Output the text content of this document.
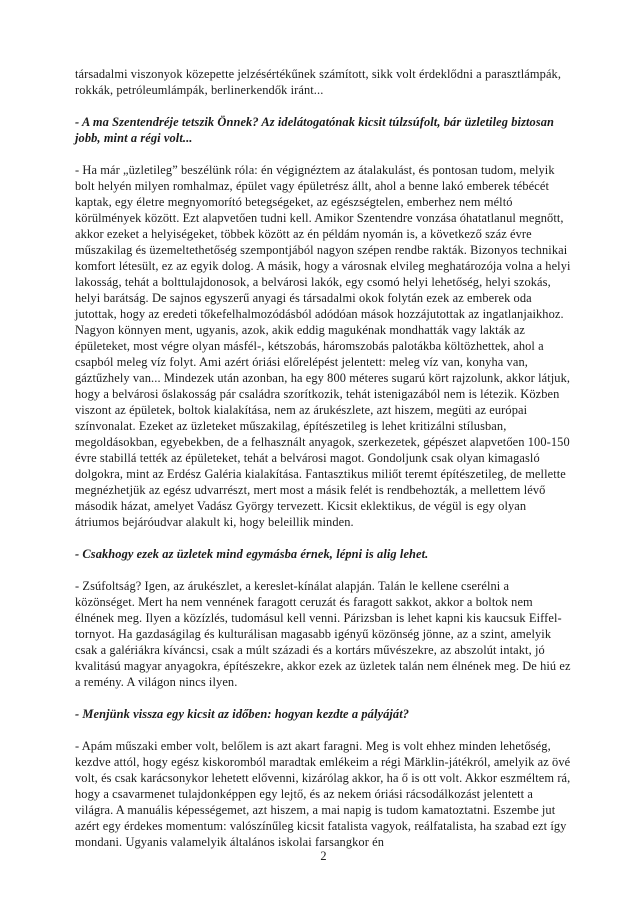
társadalmi viszonyok közepette jelzésértékűnek számított, sikk volt érdeklődni a parasztlámpák, rokkák, petróleumlámpák, berlinerkendők iránt...

- A ma Szentendréje tetszik Önnek? Az idelátogatónak kicsit túlzsúfolt, bár üzletileg biztosan jobb, mint a régi volt...

- Ha már „üzletileg” beszélünk róla: én végignéztem az átalakulást, és pontosan tudom, melyik bolt helyén milyen romhalmaz, épület vagy épületrész állt, ahol a benne lakó emberek tébécét kaptak, egy életre megnyomorító betegségeket, az egészségtelen, emberhez nem méltó körülmények között. Ezt alapvetően tudni kell. Amikor Szentendre vonzása óhatatlanul megnőtt, akkor ezeket a helyiségeket, többek között az én példám nyomán is, a következő száz évre műszakilag és üzemeltethetőség szempontjából nagyon szépen rendbe rakták. Bizonyos technikai komfort létesült, ez az egyik dolog. A másik, hogy a városnak elvileg meghatározója volna a helyi lakosság, tehát a bolttulajdonosok, a belvárosi lakók, egy csomó helyi lehetőség, helyi szokás, helyi barátság. De sajnos egyszerű anyagi és társadalmi okok folytán ezek az emberek oda jutottak, hogy az eredeti tőkefelhalmozódásból adódóan mások hozzájutottak az ingatlanjaikhoz. Nagyon könnyen ment, ugyanis, azok, akik eddig magukénak mondhatták vagy lakták az épületeket, most végre olyan másfél-, kétszobás, háromszobás palotákba költözhettek, ahol a csapból meleg víz folyt. Ami azért óriási előrelépést jelentett: meleg víz van, konyha van, gáztűzhely van... Mindezek után azonban, ha egy 800 méteres sugarú kört rajzolunk, akkor látjuk, hogy a belvárosi őslakosság pár családra szorítkozik, tehát istenigazából nem is létezik. Közben viszont az épületek, boltok kialakítása, nem az árukészlete, azt hiszem, megüti az európai színvonalat. Ezeket az üzleteket műszakilag, építészetileg is lehet kritizálni stílusban, megoldásokban, egyebekben, de a felhasznált anyagok, szerkezetek, gépészet alapvetően 100-150 évre stabillá tették az épületeket, tehát a belvárosi magot. Gondoljunk csak olyan kimagasló dolgokra, mint az Erdész Galéria kialakítása. Fantasztikus miliőt teremt építészetileg, de mellette megnézhetjük az egész udvarrészt, mert most a másik felét is rendbehozták, a mellettem lévő második házat, amelyet Vadász György tervezett. Kicsit eklektikus, de végül is egy olyan átriumos bejáróudvar alakult ki, hogy beleillik minden.

- Csakhogy ezek az üzletek mind egymásba érnek, lépni is alig lehet.

- Zsúfoltság? Igen, az árukészlet, a kereslet-kínálat alapján. Talán le kellene cserélni a közönséget. Mert ha nem vennének faragott ceruzát és faragott sakkot, akkor a boltok nem élnének meg. Ilyen a közízlés, tudomásul kell venni. Párizsban is lehet kapni kis kaucsuk Eiffel-tornyot. Ha gazdaságilag és kulturálisan magasabb igényű közönség jönne, az a szint, amelyik csak a galériákra kíváncsi, csak a múlt századi és a kortárs művészekre, az abszolút intakt, jó kvalitású magyar anyagokra, építészekre, akkor ezek az üzletek talán nem élnének meg. De hiú ez a remény. A világon nincs ilyen.

- Menjünk vissza egy kicsit az időben: hogyan kezdte a pályáját?

- Apám műszaki ember volt, belőlem is azt akart faragni. Meg is volt ehhez minden lehetőség, kezdve attól, hogy egész kiskoromból maradtak emlékeim a régi Märklin-játékról, amelyik az övé volt, és csak karácsonykor lehetett elővenni, kizárólag akkor, ha ő is ott volt. Akkor eszméltem rá, hogy a csavarmenet tulajdonképpen egy lejtő, és az nekem óriási rácsodálkozást jelentett a világra. A manuális képességemet, azt hiszem, a mai napig is tudom kamatoztatni. Eszembe jut azért egy érdekes momentum: valószínűleg kicsit fatalista vagyok, reálfatalista, ha szabad ezt így mondani. Ugyanis valamelyik általános iskolai farsangkor én

2
